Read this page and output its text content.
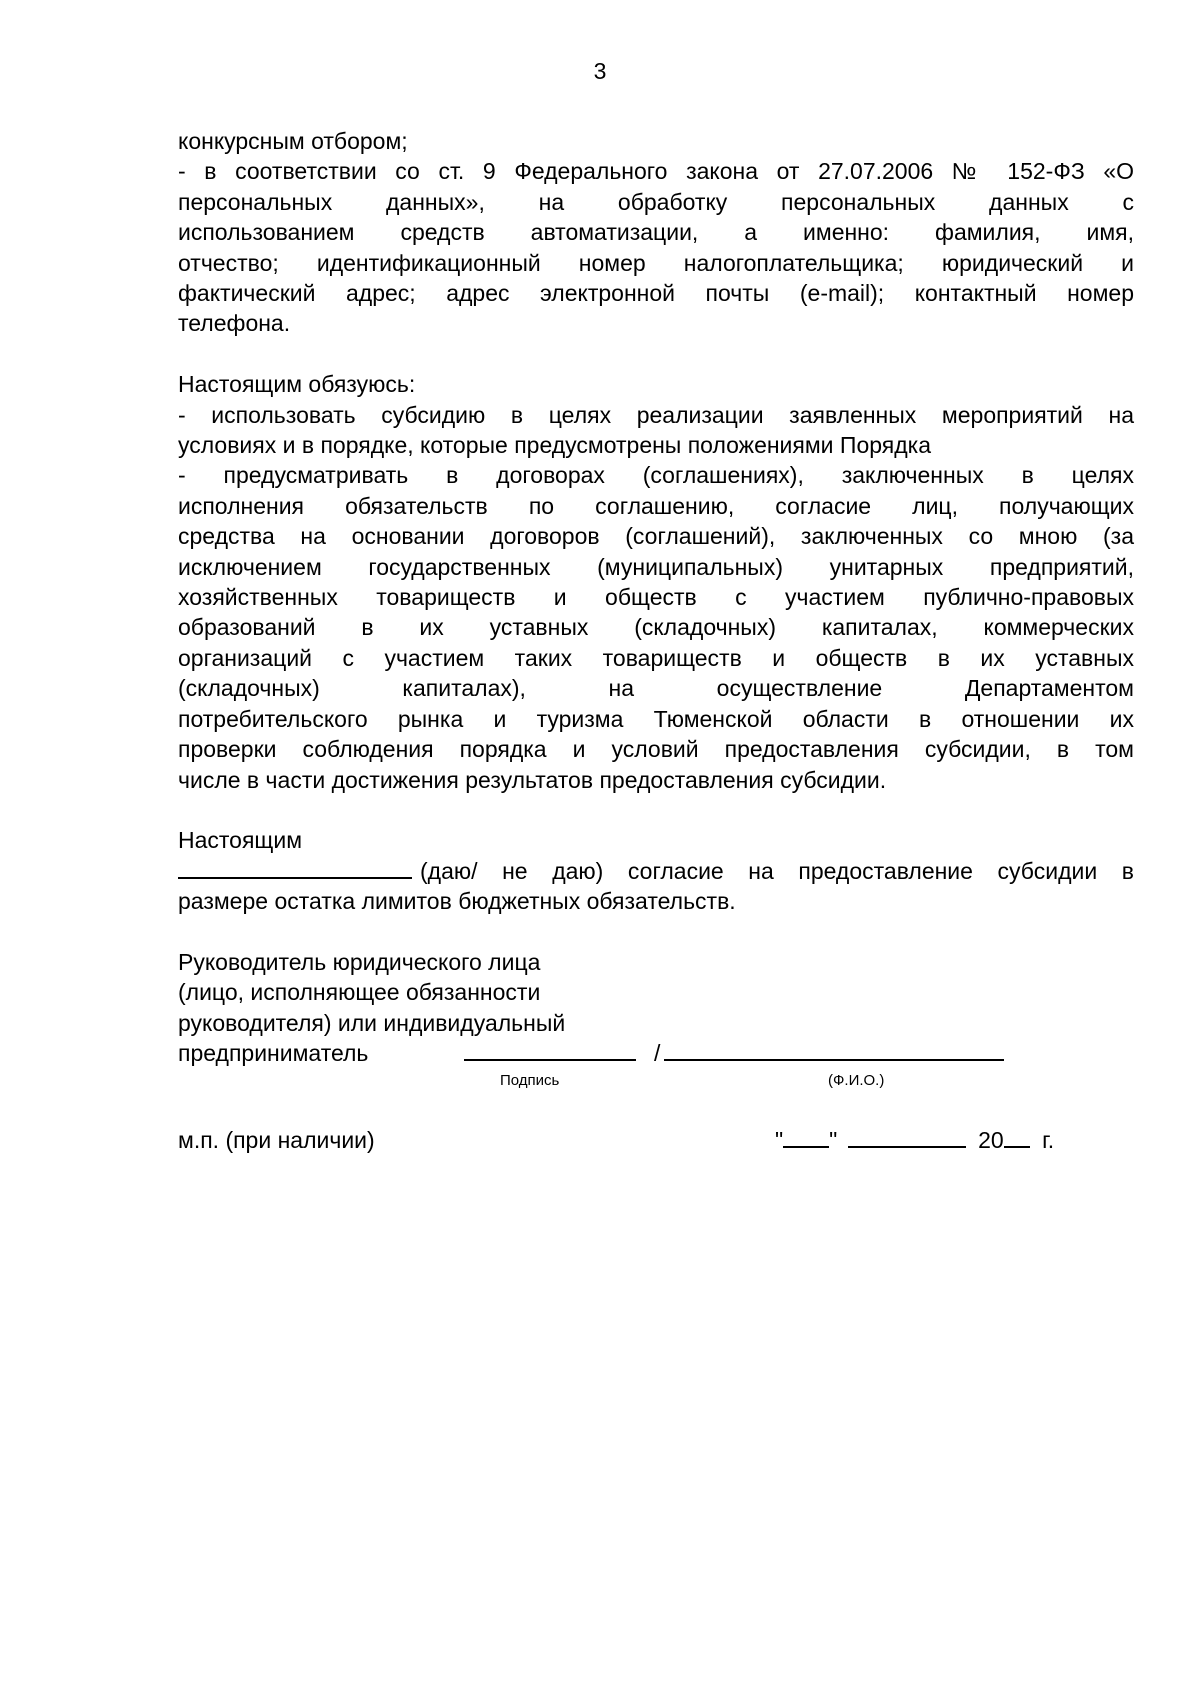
3
конкурсным отбором;
- в соответствии со ст. 9 Федерального закона от 27.07.2006 № 152-ФЗ «О
персональных данных», на обработку персональных данных с
использованием средств автоматизации, а именно: фамилия, имя,
отчество; идентификационный номер налогоплательщика; юридический и
фактический адрес; адрес электронной почты (e-mail); контактный номер
телефона.
Настоящим обязуюсь:
- использовать субсидию в целях реализации заявленных мероприятий на
условиях и в порядке, которые предусмотрены положениями Порядка
- предусматривать в договорах (соглашениях), заключенных в целях
исполнения обязательств по соглашению, согласие лиц, получающих
средства на основании договоров (соглашений), заключенных со мною (за
исключением государственных (муниципальных) унитарных предприятий,
хозяйственных товариществ и обществ с участием публично-правовых
образований в их уставных (складочных) капиталах, коммерческих
организаций с участием таких товариществ и обществ в их уставных
(складочных) капиталах), на осуществление Департаментом
потребительского рынка и туризма Тюменской области в отношении их
проверки соблюдения порядка и условий предоставления субсидии, в том
числе в части достижения результатов предоставления субсидии.
Настоящим
(даю/ не даю) согласие на предоставление субсидии в
размере остатка лимитов бюджетных обязательств.
Руководитель юридического лица
(лицо, исполняющее обязанности
руководителя) или индивидуальный
предприниматель
Подпись
/
(Ф.И.О.)
м.п. (при наличии)	" "	20 г.
